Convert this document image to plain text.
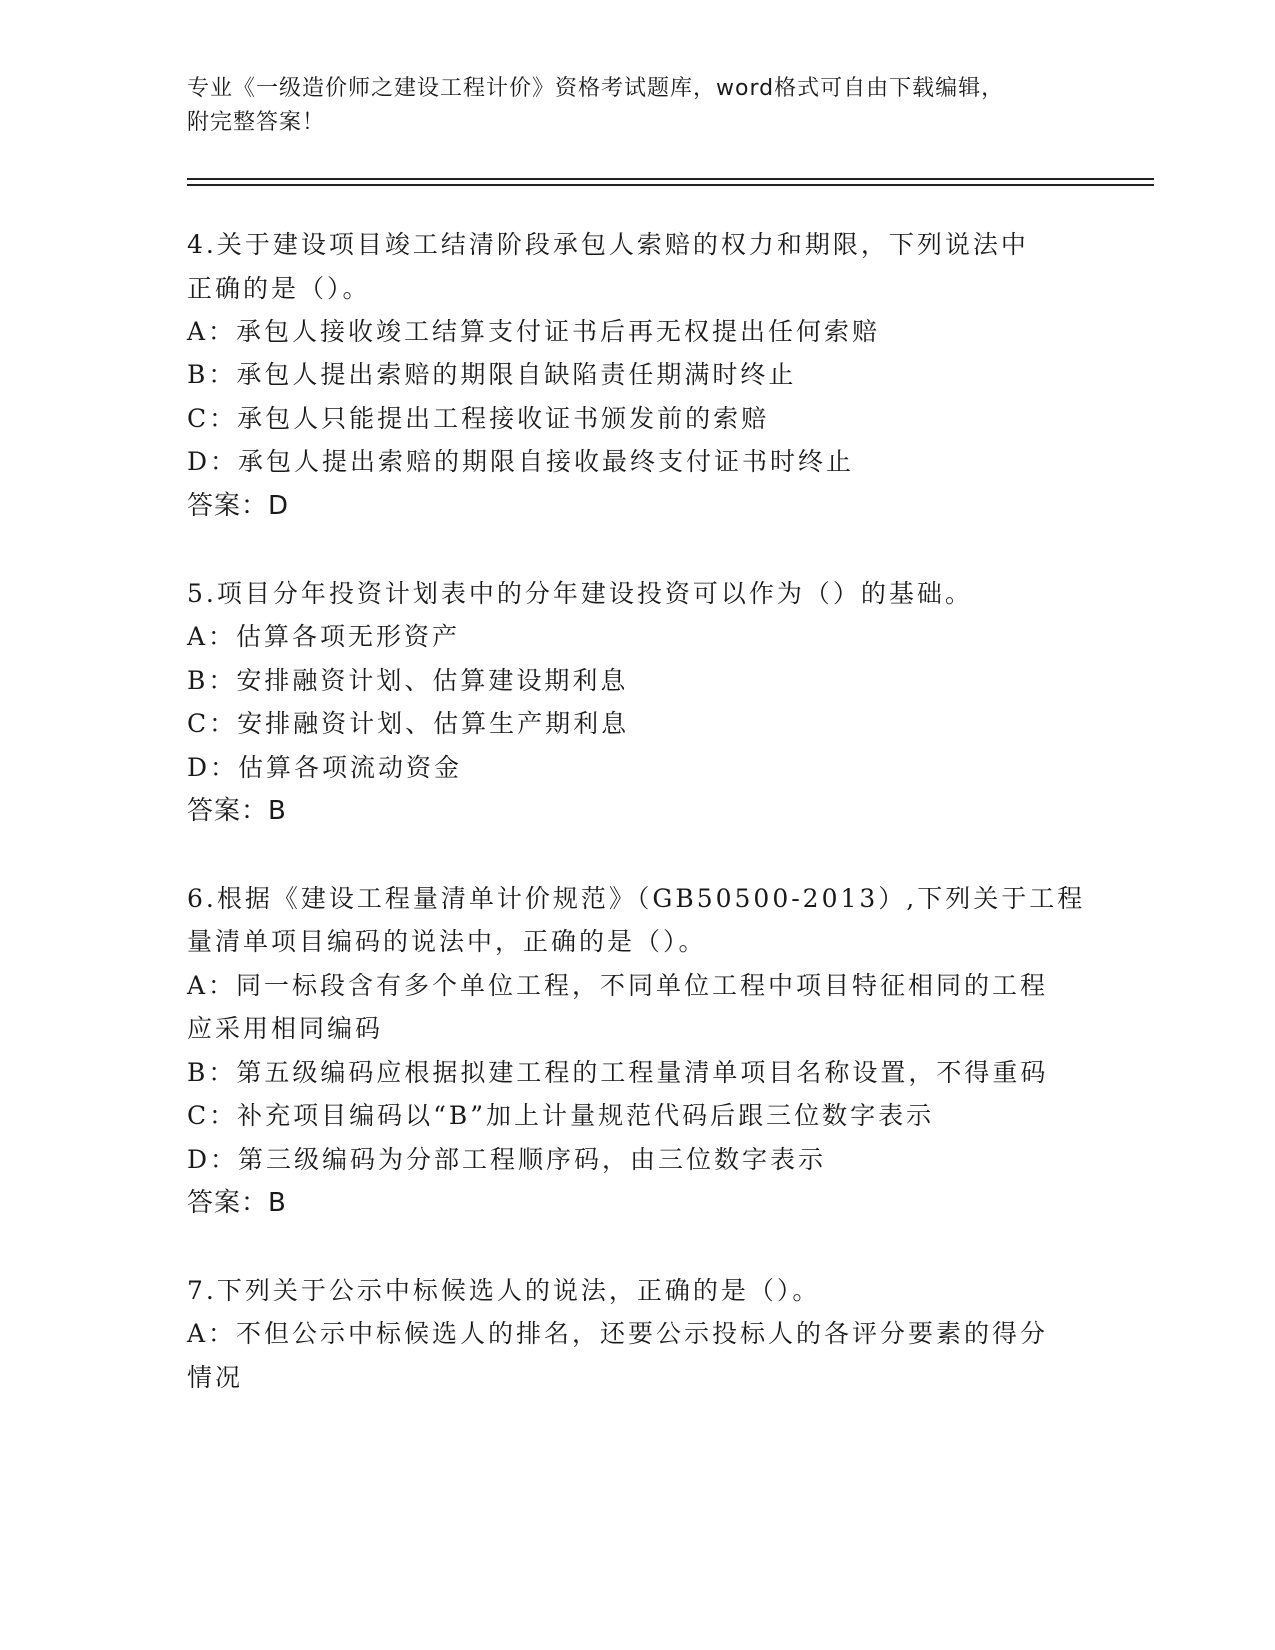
专业《一级造价师之建设工程计价》资格考试题库，word格式可自由下载编辑，
附完整答案！
4.关于建设项目竣工结清阶段承包人索赔的权力和期限，下列说法中
正确的是（）。
A：承包人接收竣工结算支付证书后再无权提出任何索赔
B：承包人提出索赔的期限自缺陷责任期满时终止
C：承包人只能提出工程接收证书颁发前的索赔
D：承包人提出索赔的期限自接收最终支付证书时终止
答案：D
5.项目分年投资计划表中的分年建设投资可以作为（）的基础。
A：估算各项无形资产
B：安排融资计划、估算建设期利息
C：安排融资计划、估算生产期利息
D：估算各项流动资金
答案：B
6.根据《建设工程量清单计价规范》（GB50500-2013）,下列关于工程
量清单项目编码的说法中，正确的是（）。
A：同一标段含有多个单位工程，不同单位工程中项目特征相同的工程
应采用相同编码
B：第五级编码应根据拟建工程的工程量清单项目名称设置，不得重码
C：补充项目编码以“B”加上计量规范代码后跟三位数字表示
D：第三级编码为分部工程顺序码，由三位数字表示
答案：B
7.下列关于公示中标候选人的说法，正确的是（）。
A：不但公示中标候选人的排名，还要公示投标人的各评分要素的得分
情况
